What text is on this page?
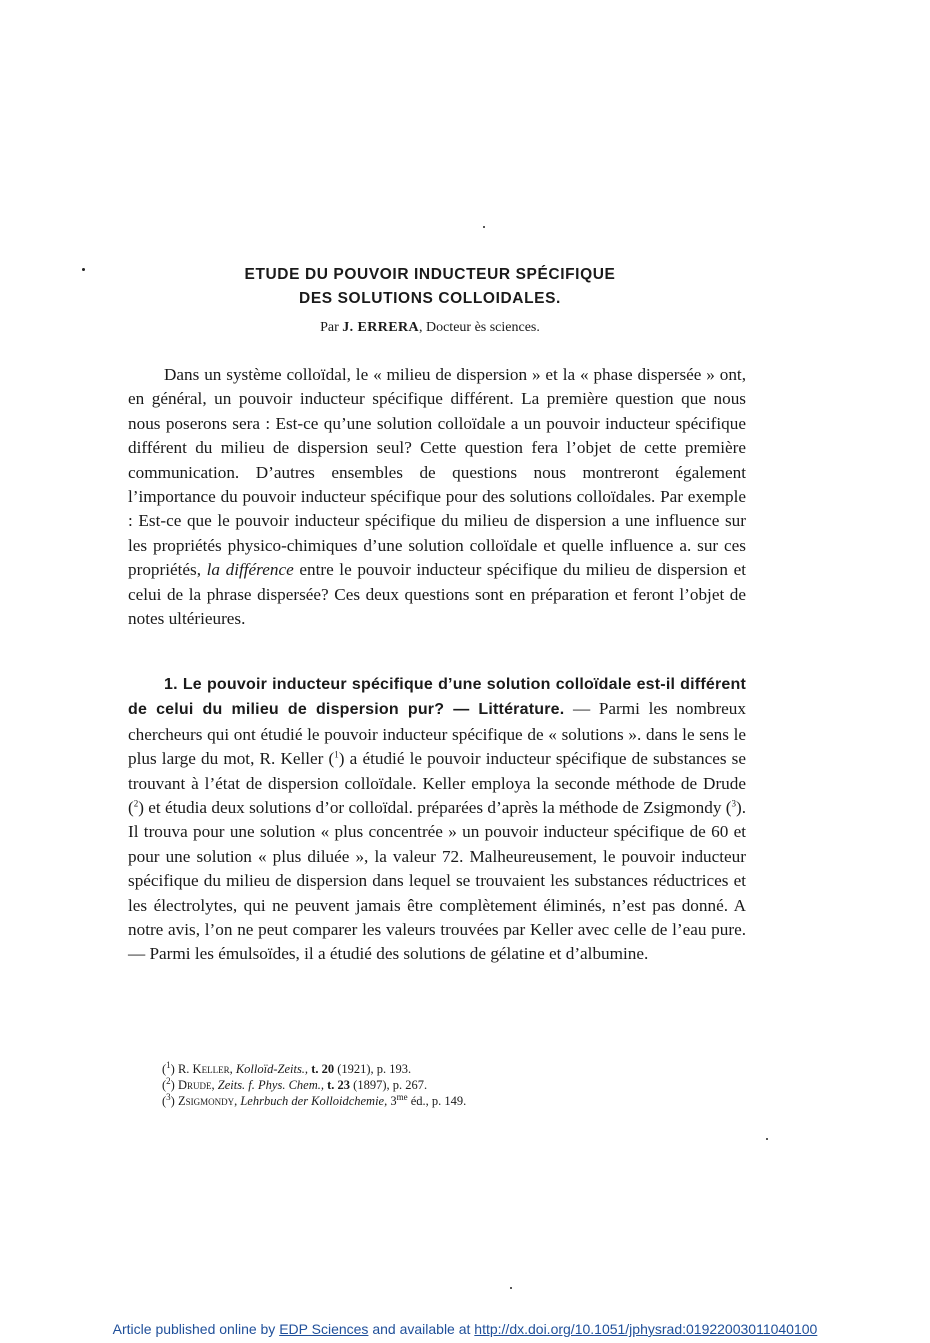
ETUDE DU POUVOIR INDUCTEUR SPÉCIFIQUE
DES SOLUTIONS COLLOIDALES.

Par J. ERRERA, Docteur ès sciences.

Dans un système colloïdal, le « milieu de dispersion » et la « phase dispersée » ont, en général, un pouvoir inducteur spécifique différent. La première question que nous nous poserons sera : Est-ce qu’une solution colloïdale a un pouvoir inducteur spécifique différent du milieu de dispersion seul? Cette question fera l’objet de cette première communication. D’autres ensembles de questions nous montreront également l’importance du pouvoir inducteur spécifique pour des solutions colloïdales. Par exemple : Est-ce que le pouvoir inducteur spécifique du milieu de dispersion a une influence sur les propriétés physico-chimiques d’une solution colloïdale et quelle influence a. sur ces propriétés, la différence entre le pouvoir inducteur spécifique du milieu de dispersion et celui de la phrase dispersée? Ces deux questions sont en préparation et feront l’objet de notes ultérieures.

1. Le pouvoir inducteur spécifique d’une solution colloïdale est-il différent de celui du milieu de dispersion pur? — Littérature. — Parmi les nombreux chercheurs qui ont étudié le pouvoir inducteur spécifique de « solutions ». dans le sens le plus large du mot, R. Keller ($^1$) a étudié le pouvoir inducteur spécifique de substances se trouvant à l’état de dispersion colloïdale. Keller employa la seconde méthode de Drude ($^2$) et étudia deux solutions d’or colloïdal. préparées d’après la méthode de Zsigmondy ($^3$). Il trouva pour une solution « plus concentrée » un pouvoir inducteur spécifique de 60 et pour une solution « plus diluée », la valeur 72. Malheureusement, le pouvoir inducteur spécifique du milieu de dispersion dans lequel se trouvaient les substances réductrices et les électrolytes, qui ne peuvent jamais être complètement éliminés, n’est pas donné. A notre avis, l’on ne peut comparer les valeurs trouvées par Keller avec celle de l’eau pure. — Parmi les émulsoïdes, il a étudié des solutions de gélatine et d’albumine.

($^1$) R. Keller, Kolloïd-Zeits., t. 20 (1921), p. 193.
($^2$) Drude, Zeits. f. Phys. Chem., t. 23 (1897), p. 267.
($^3$) Zsigmondy, Lehrbuch der Kolloidchemie, $3^{me}$ éd., p. 149.
Article published online by EDP Sciences and available at http://dx.doi.org/10.1051/jphysrad:01922003011040100
